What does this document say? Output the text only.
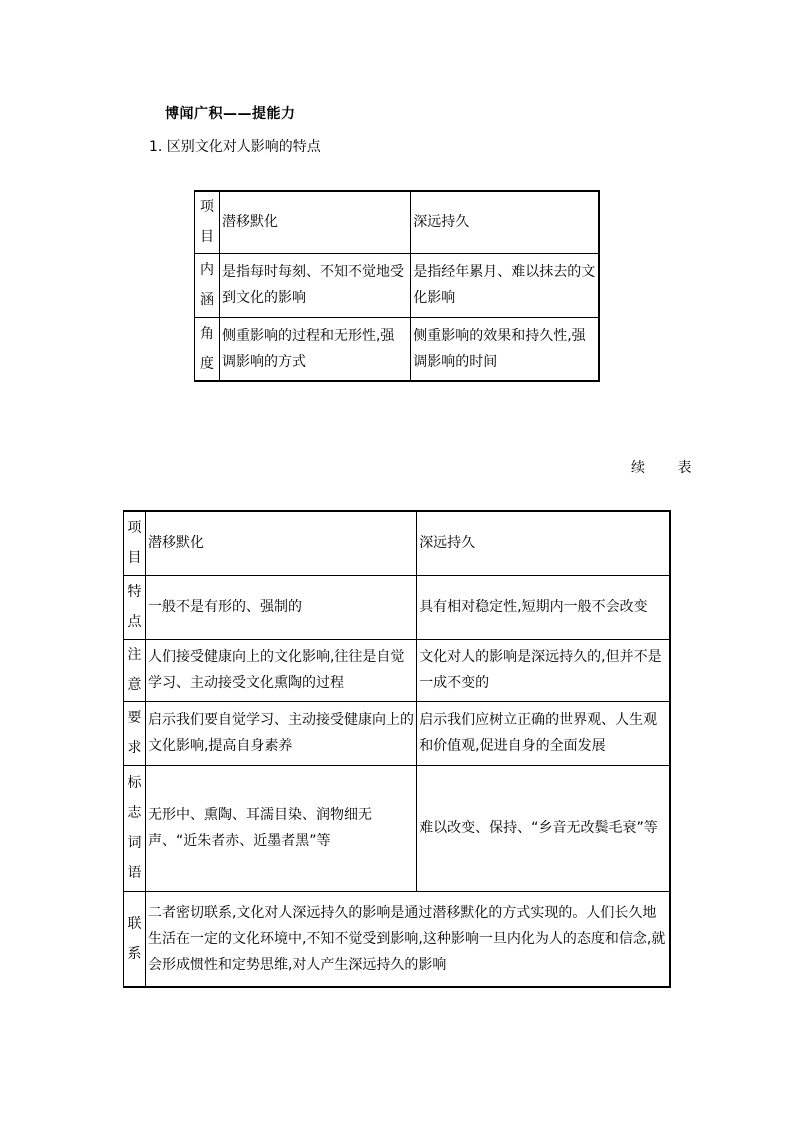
博闻广积——提能力
1. 区别文化对人影响的特点
项
目	潜移默化	深远持久

内
涵	是指每时每刻、不知不觉地受到文化的影响	是指经年累月、难以抹去的文化影响

角
度	侧重影响的过程和无形性,强调影响的方式	侧重影响的效果和持久性,强调影响的时间
续 表
项
目	潜移默化	深远持久

特
点	一般不是有形的、强制的	具有相对稳定性,短期内一般不会改变

注
意	人们接受健康向上的文化影响,往往是自觉学习、主动接受文化熏陶的过程	文化对人的影响是深远持久的,但并不是一成不变的

要
求	启示我们要自觉学习、主动接受健康向上的文化影响,提高自身素养	启示我们应树立正确的世界观、人生观和价值观,促进自身的全面发展

标
志
词
语	无形中、熏陶、耳濡目染、润物细无声、“近朱者赤、近墨者黑”等	难以改变、保持、“乡音无改鬓毛衰”等

联
系	二者密切联系,文化对人深远持久的影响是通过潜移默化的方式实现的。人们长久地生活在一定的文化环境中,不知不觉受到影响,这种影响一旦内化为人的态度和信念,就会形成惯性和定势思维,对人产生深远持久的影响	
